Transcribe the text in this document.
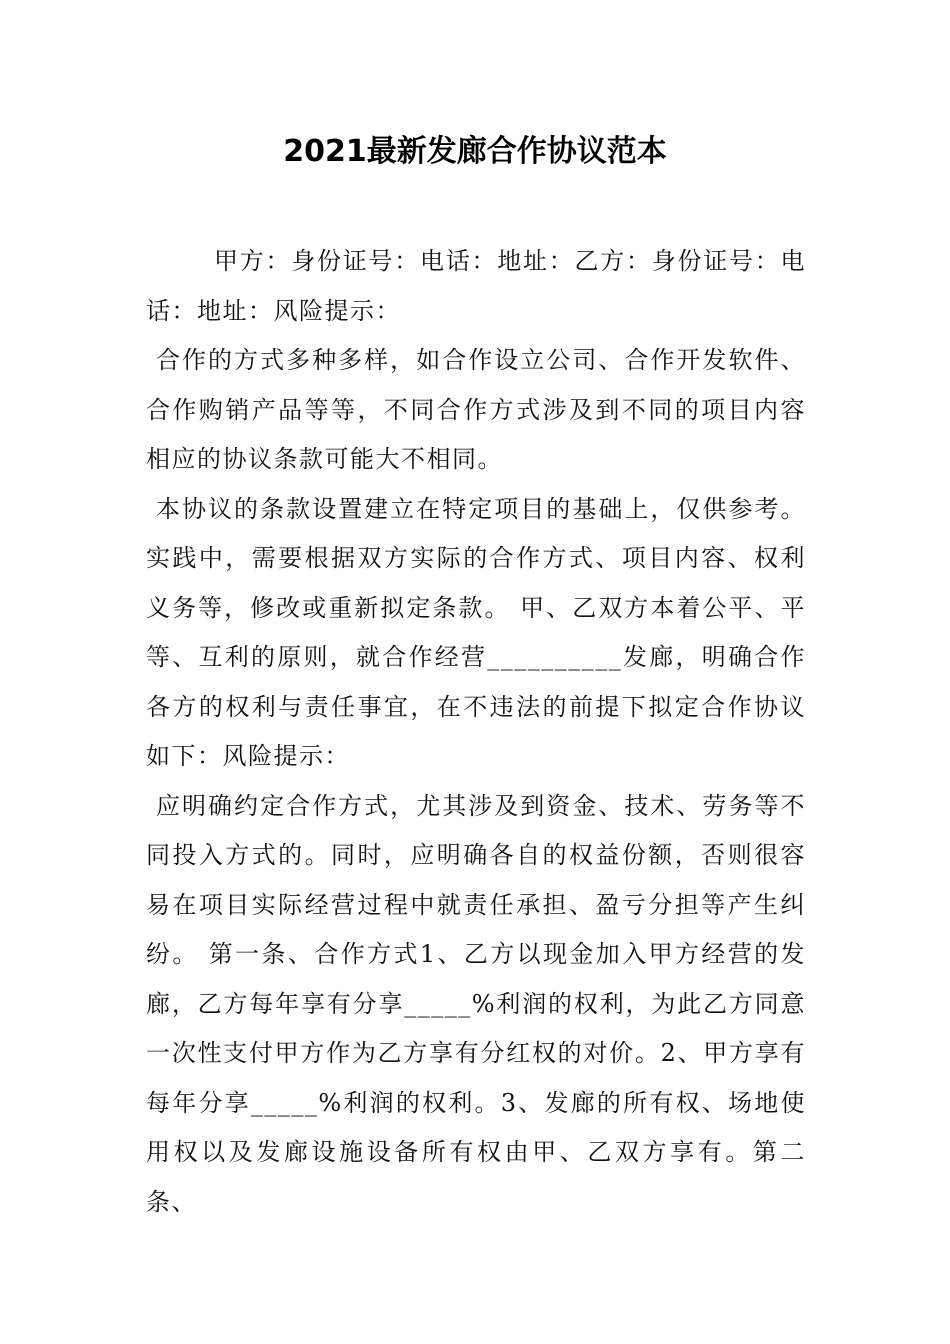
2021最新发廊合作协议范本

甲方：身份证号：电话：地址：乙方：身份证号：电话：地址：风险提示：

合作的方式多种多样，如合作设立公司、合作开发软件、合作购销产品等等，不同合作方式涉及到不同的项目内容相应的协议条款可能大不相同。

本协议的条款设置建立在特定项目的基础上，仅供参考。实践中，需要根据双方实际的合作方式、项目内容、权利义务等，修改或重新拟定条款。 甲、乙双方本着公平、平等、互利的原则，就合作经营__________发廊，明确合作各方的权利与责任事宜，在不违法的前提下拟定合作协议如下：风险提示：

应明确约定合作方式，尤其涉及到资金、技术、劳务等不同投入方式的。同时，应明确各自的权益份额，否则很容易在项目实际经营过程中就责任承担、盈亏分担等产生纠纷。 第一条、合作方式1、乙方以现金加入甲方经营的发廊，乙方每年享有分享_____%利润的权利，为此乙方同意一次性支付甲方作为乙方享有分红权的对价。2、甲方享有每年分享_____%利润的权利。3、发廊的所有权、场地使用权以及发廊设施设备所有权由甲、乙双方享有。第二条、
